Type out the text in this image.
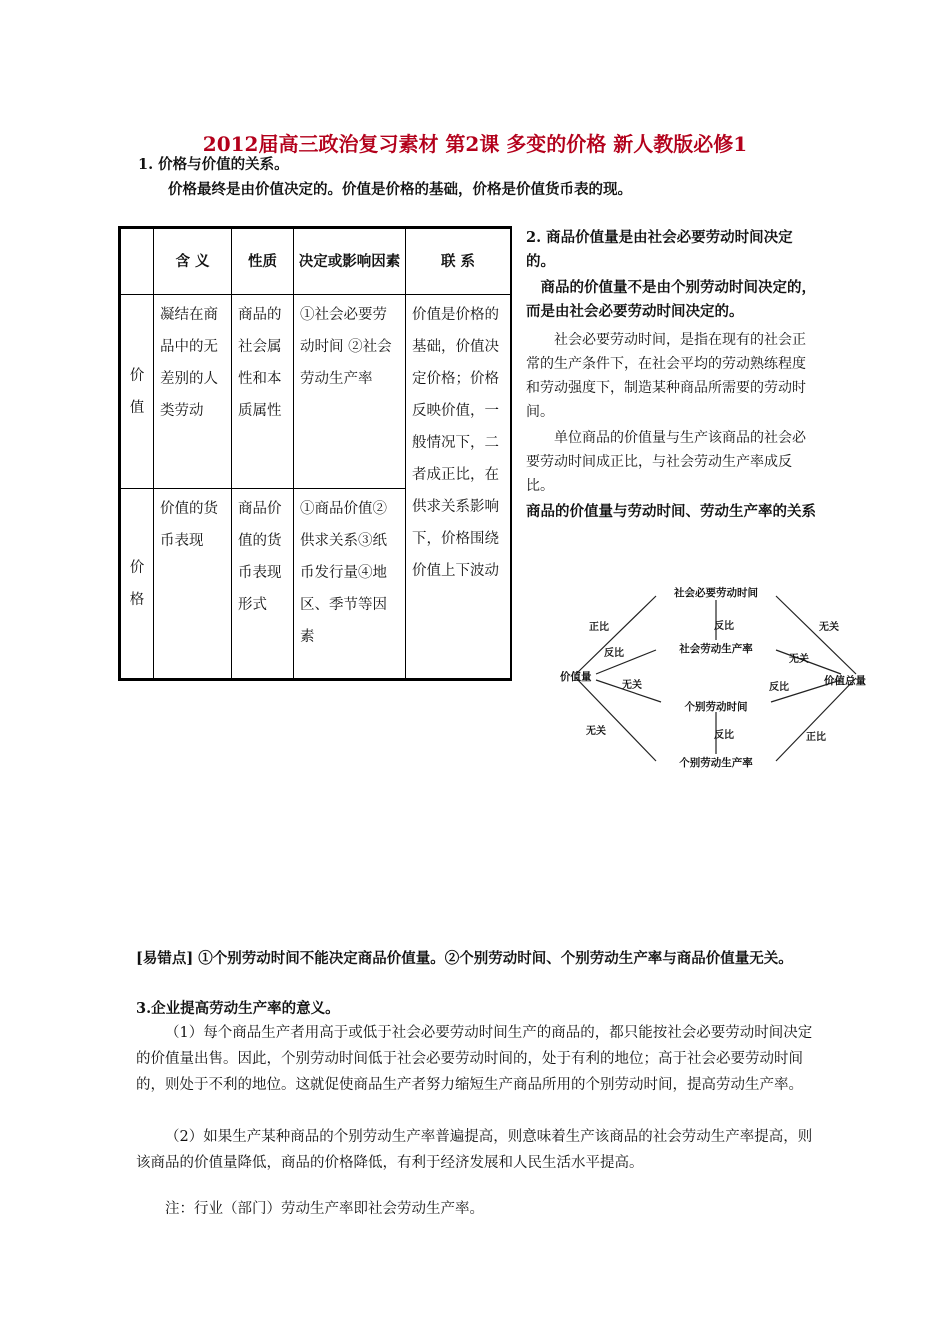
2012届高三政治复习素材 第2课 多变的价格 新人教版必修1
1. 价格与价值的关系。
价格最终是由价值决定的。价值是价格的基础，价格是价值货币表的现。
	含 义	性质	决定或影响因素	联 系
价值	凝结在商品中的无差别的人类劳动	商品的社会属性和本质属性	①社会必要劳动时间 ②社会劳动生产率	价值是价格的基础，价值决定价格；价格反映价值，一般情况下，二者成正比，在供求关系影响下，价格围绕价值上下波动
价格	价值的货币表现	商品价值的货币表现形式	①商品价值②供求关系③纸币发行量④地区、季节等因素	
2. 商品价值量是由社会必要劳动时间决定的。
商品的价值量不是由个别劳动时间决定的，而是由社会必要劳动时间决定的。
社会必要劳动时间，是指在现有的社会正常的生产条件下，在社会平均的劳动熟练程度和劳动强度下，制造某种商品所需要的劳动时间。
单位商品的价值量与生产该商品的社会必要劳动时间成正比，与社会劳动生产率成反比。
商品的价值量与劳动时间、劳动生产率的关系
社会必要劳动时间
社会劳动生产率
价值量	价值总量
个别劳动时间
个别劳动生产率
正比	无关
反比
反比
无关
无关	反比
无关	反比	正比
[易错点] ①个别劳动时间不能决定商品价值量。②个别劳动时间、个别劳动生产率与商品价值量无关。
3.企业提高劳动生产率的意义。
（1）每个商品生产者用高于或低于社会必要劳动时间生产的商品的，都只能按社会必要劳动时间决定的价值量出售。因此，个别劳动时间低于社会必要劳动时间的，处于有利的地位；高于社会必要劳动时间的，则处于不利的地位。这就促使商品生产者努力缩短生产商品所用的个别劳动时间，提高劳动生产率。
（2）如果生产某种商品的个别劳动生产率普遍提高，则意味着生产该商品的社会劳动生产率提高，则该商品的价值量降低，商品的价格降低，有利于经济发展和人民生活水平提高。
注：行业（部门）劳动生产率即社会劳动生产率。
